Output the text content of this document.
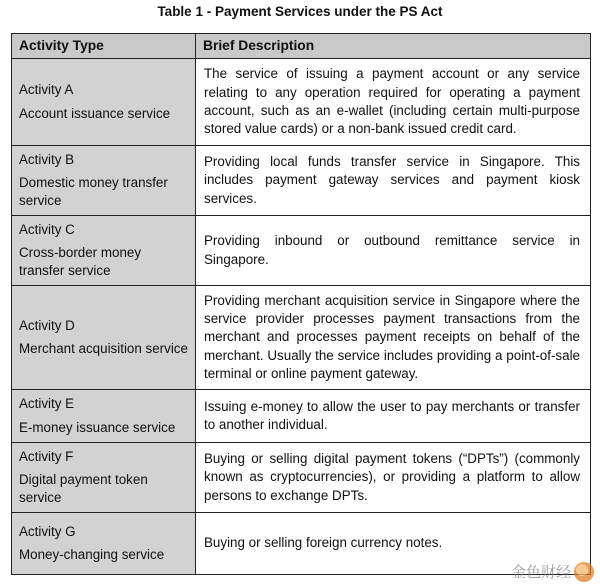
Table 1 - Payment Services under the PS Act
Activity Type	Brief Description

Activity A
Account issuance service	The service of issuing a payment account or any service relating to any operation required for operating a payment account, such as an e-wallet (including certain multi-purpose stored value cards) or a non-bank issued credit card.

Activity B
Domestic money transfer service	Providing local funds transfer service in Singapore. This includes payment gateway services and payment kiosk services.

Activity C
Cross-border money transfer service	Providing inbound or outbound remittance service in Singapore.

Activity D
Merchant acquisition service	Providing merchant acquisition service in Singapore where the service provider processes payment transactions from the merchant and processes payment receipts on behalf of the merchant. Usually the service includes providing a point-of-sale terminal or online payment gateway.

Activity E
E-money issuance service	Issuing e-money to allow the user to pay merchants or transfer to another individual.

Activity F
Digital payment token service	Buying or selling digital payment tokens (“DPTs”) (commonly known as cryptocurrencies), or providing a platform to allow persons to exchange DPTs.

Activity G
Money-changing service	Buying or selling foreign currency notes.
金色财经
